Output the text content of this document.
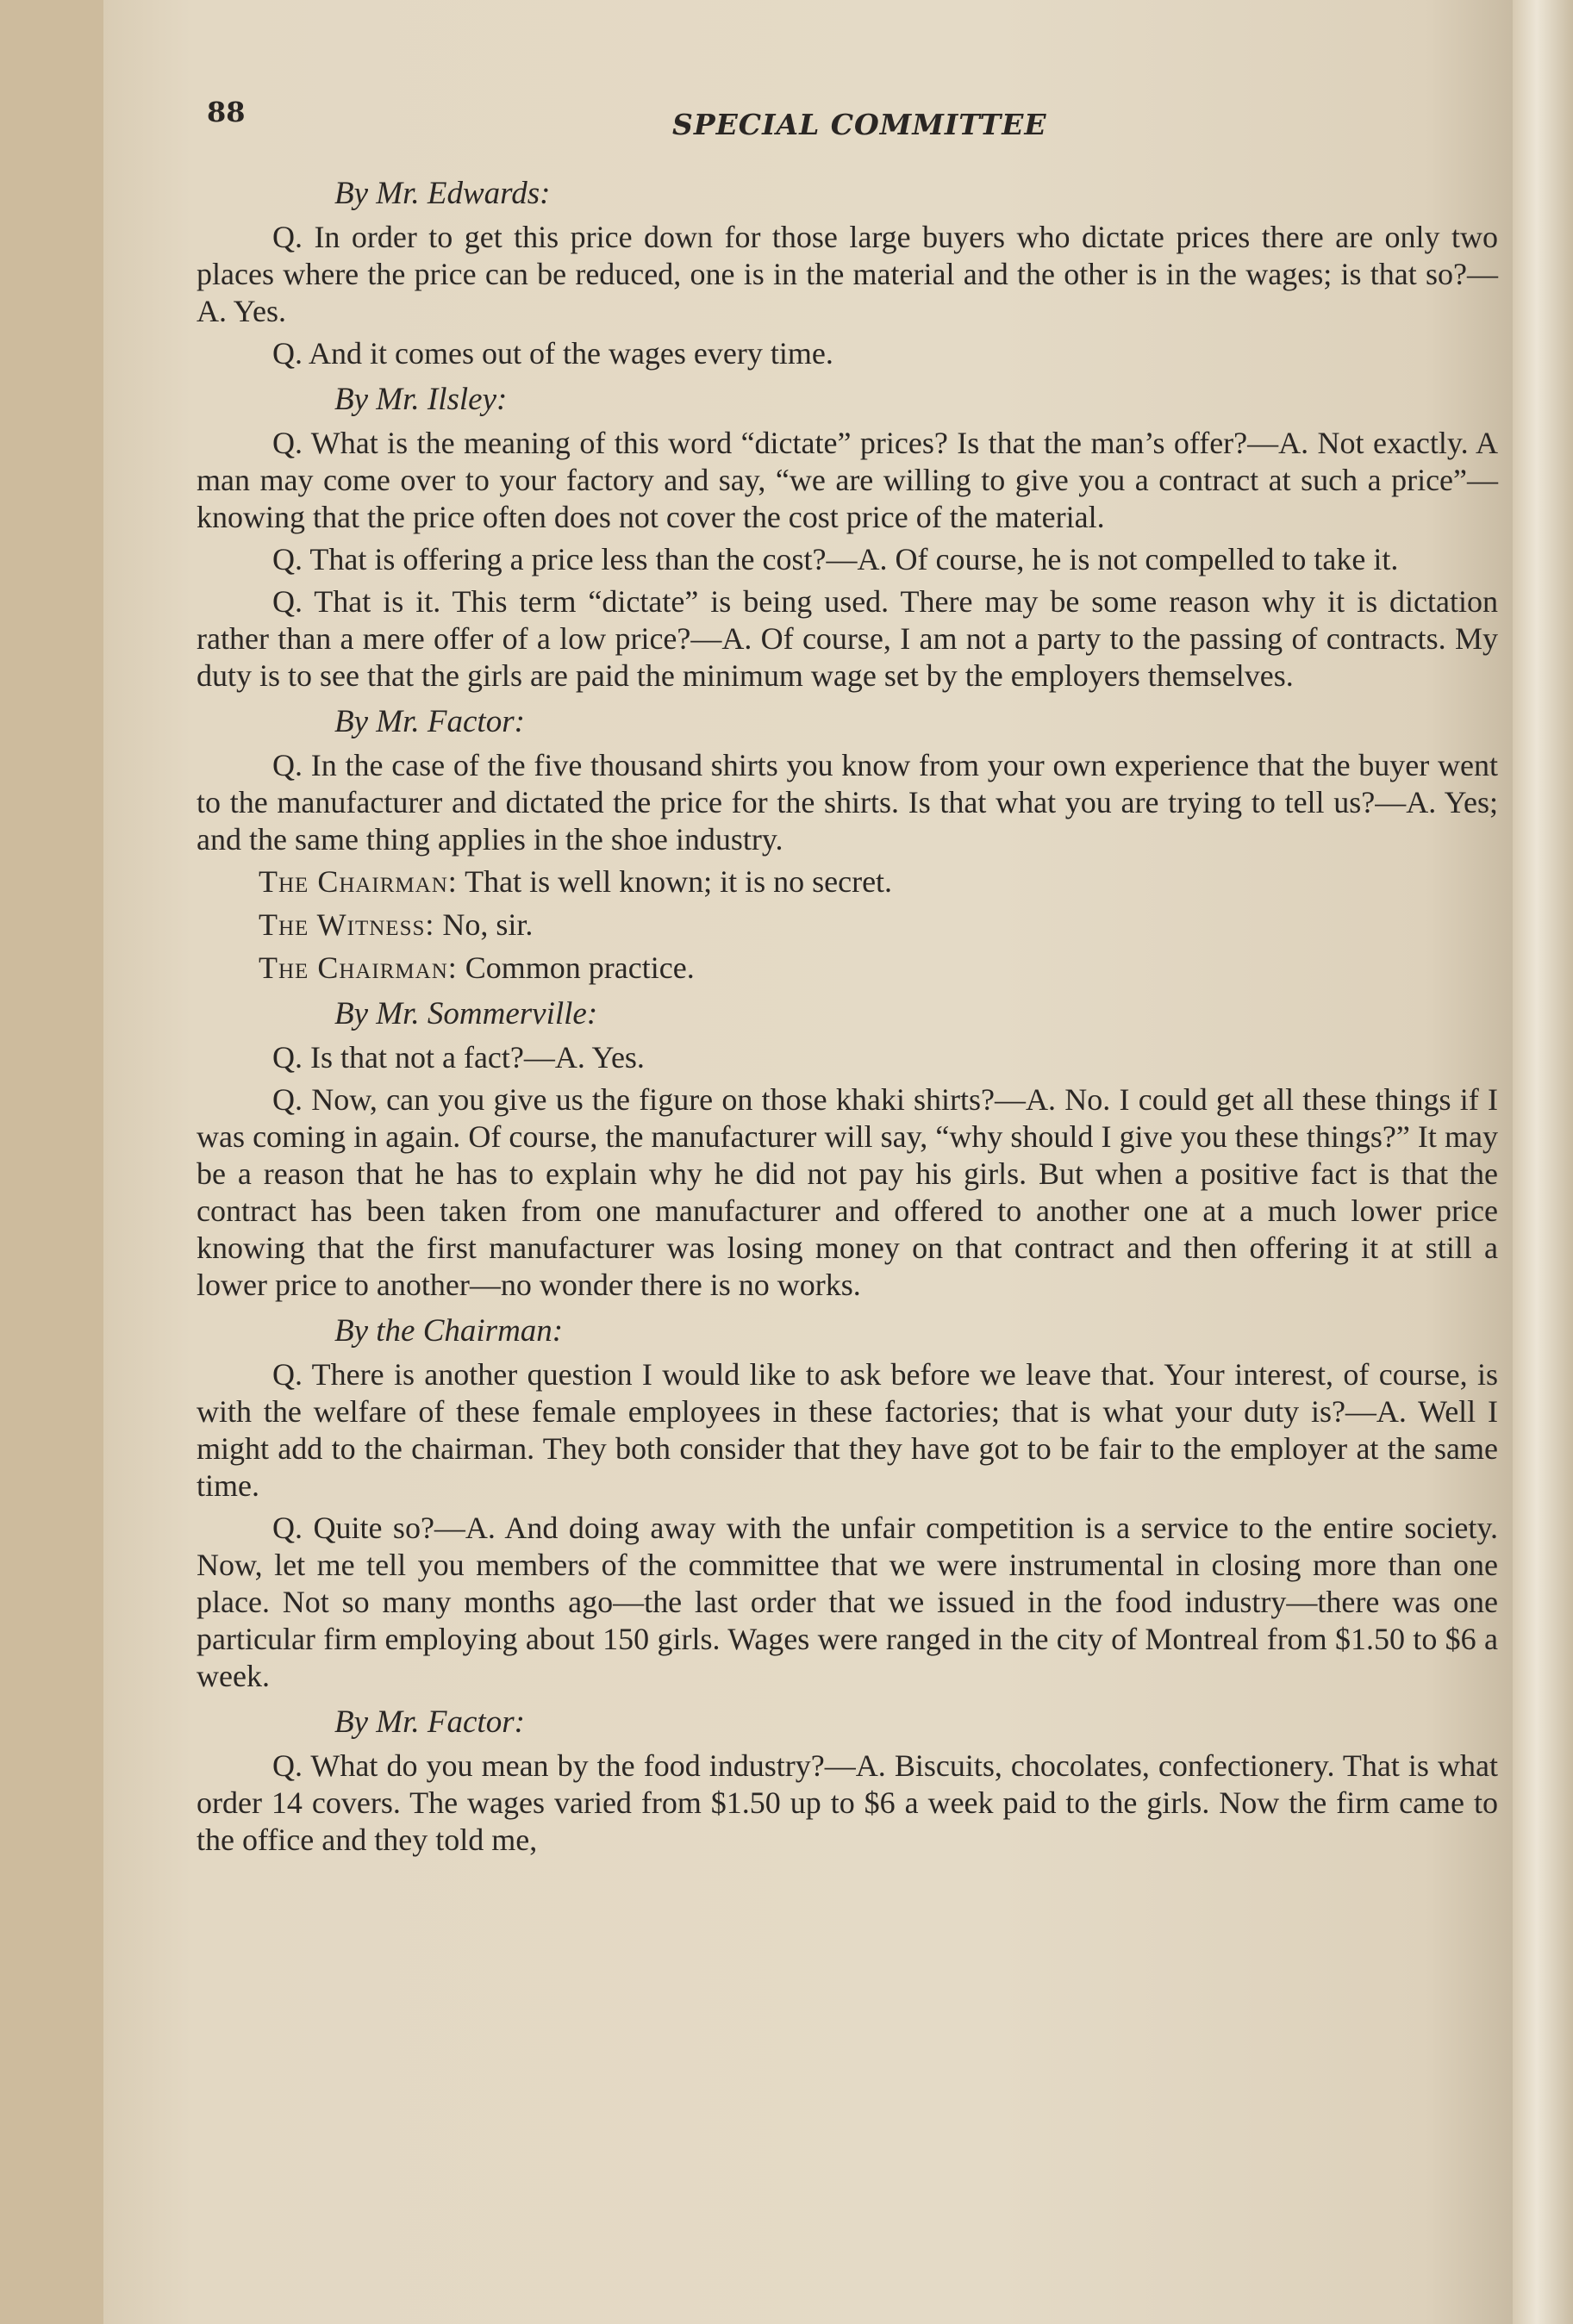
88	SPECIAL COMMITTEE
By Mr. Edwards:

Q. In order to get this price down for those large buyers who dictate prices there are only two places where the price can be reduced, one is in the material and the other is in the wages; is that so?—A. Yes.

Q. And it comes out of the wages every time.

By Mr. Ilsley:

Q. What is the meaning of this word “dictate” prices? Is that the man’s offer?—A. Not exactly. A man may come over to your factory and say, “we are willing to give you a contract at such a price”—knowing that the price often does not cover the cost price of the material.

Q. That is offering a price less than the cost?—A. Of course, he is not compelled to take it.

Q. That is it. This term “dictate” is being used. There may be some reason why it is dictation rather than a mere offer of a low price?—A. Of course, I am not a party to the passing of contracts. My duty is to see that the girls are paid the minimum wage set by the employers themselves.

By Mr. Factor:

Q. In the case of the five thousand shirts you know from your own experience that the buyer went to the manufacturer and dictated the price for the shirts. Is that what you are trying to tell us?—A. Yes; and the same thing applies in the shoe industry.

The Chairman: That is well known; it is no secret.

The Witness: No, sir.

The Chairman: Common practice.

By Mr. Sommerville:

Q. Is that not a fact?—A. Yes.

Q. Now, can you give us the figure on those khaki shirts?—A. No. I could get all these things if I was coming in again. Of course, the manufacturer will say, “why should I give you these things?” It may be a reason that he has to explain why he did not pay his girls. But when a positive fact is that the contract has been taken from one manufacturer and offered to another one at a much lower price knowing that the first manufacturer was losing money on that contract and then offering it at still a lower price to another—no wonder there is no works.

By the Chairman:

Q. There is another question I would like to ask before we leave that. Your interest, of course, is with the welfare of these female employees in these factories; that is what your duty is?—A. Well I might add to the chairman. They both consider that they have got to be fair to the employer at the same time.

Q. Quite so?—A. And doing away with the unfair competition is a service to the entire society. Now, let me tell you members of the committee that we were instrumental in closing more than one place. Not so many months ago—the last order that we issued in the food industry—there was one particular firm employing about 150 girls. Wages were ranged in the city of Montreal from $1.50 to $6 a week.

By Mr. Factor:

Q. What do you mean by the food industry?—A. Biscuits, chocolates, confectionery. That is what order 14 covers. The wages varied from $1.50 up to $6 a week paid to the girls. Now the firm came to the office and they told me,
